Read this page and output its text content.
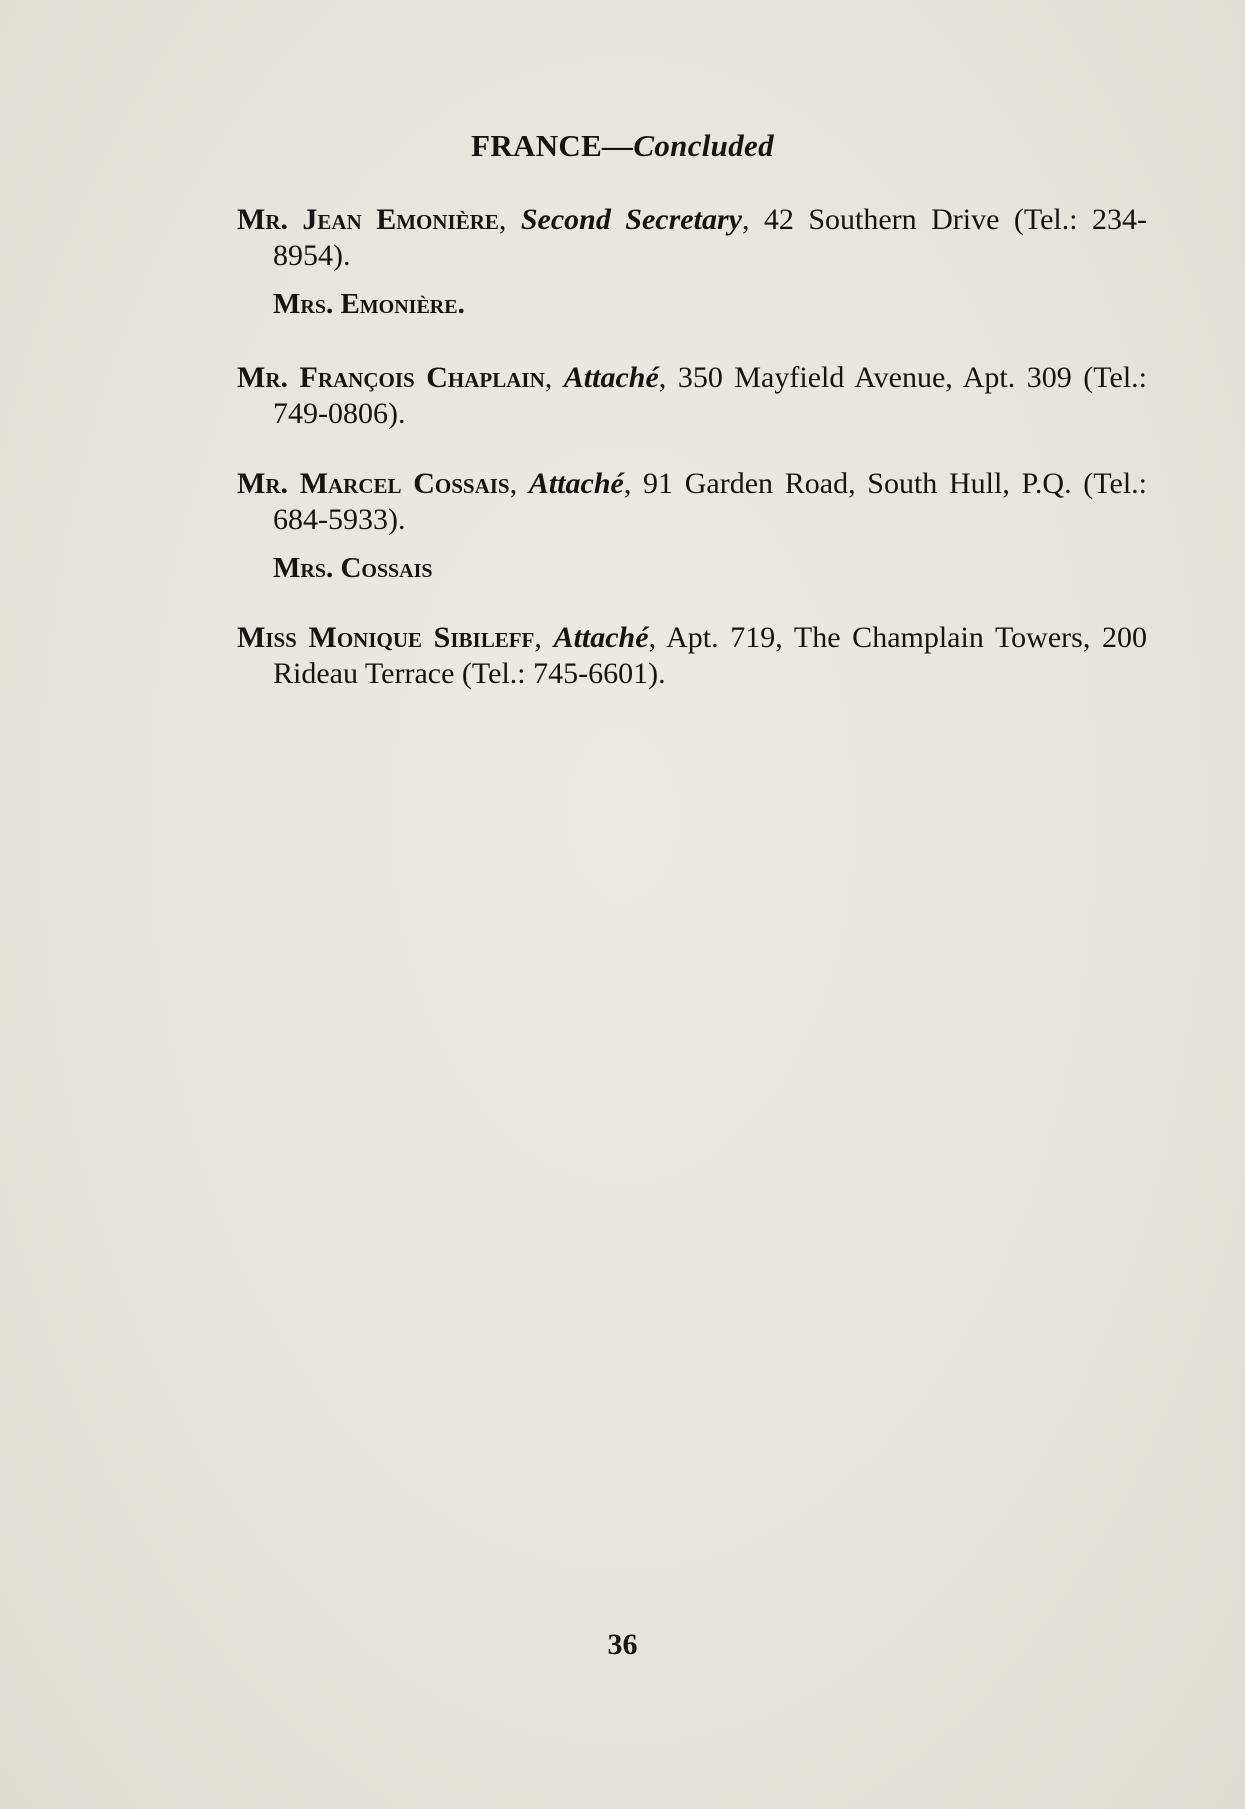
FRANCE—Concluded
Mr. Jean Emonière, Second Secretary, 42 Southern Drive (Tel.: 234-8954).
Mrs. Emonière.
Mr. François Chaplain, Attaché, 350 Mayfield Avenue, Apt. 309 (Tel.: 749-0806).
Mr. Marcel Cossais, Attaché, 91 Garden Road, South Hull, P.Q. (Tel.: 684-5933).
Mrs. Cossais
Miss Monique Sibileff, Attaché, Apt. 719, The Champlain Towers, 200 Rideau Terrace (Tel.: 745-6601).
36
